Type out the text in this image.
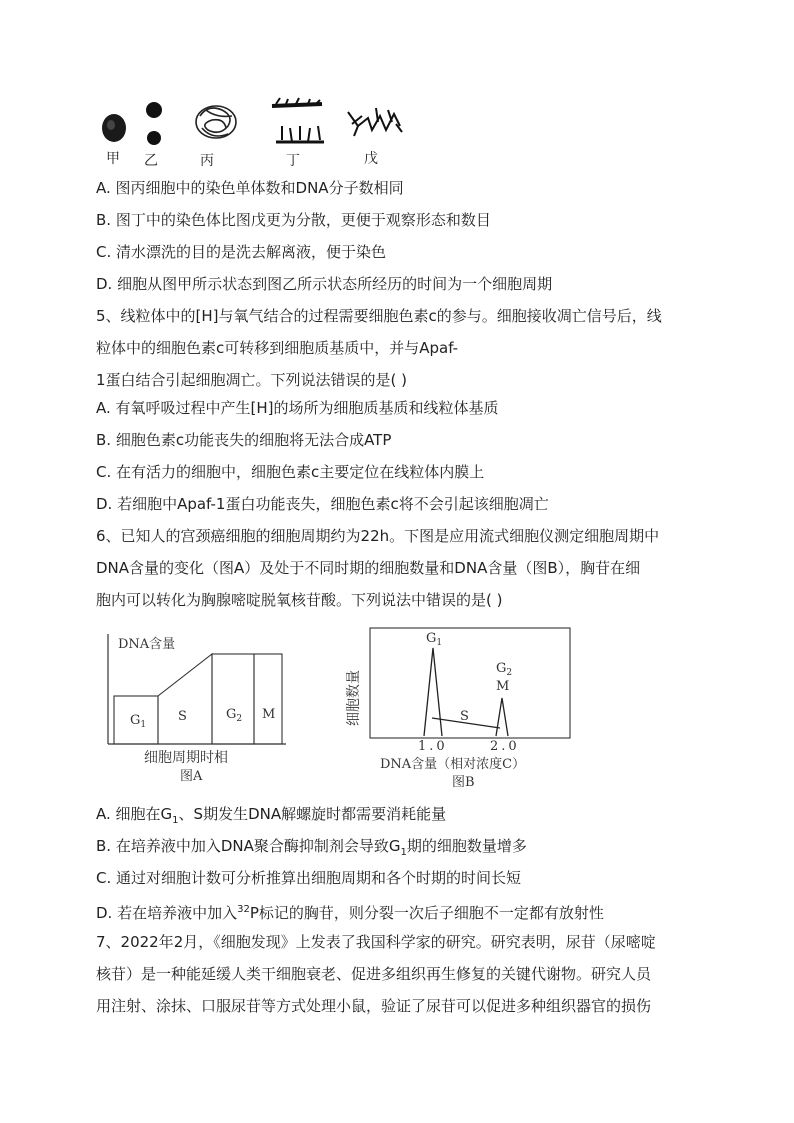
甲 乙	丙	丁	戊
A. 图丙细胞中的染色单体数和DNA分子数相同
B. 图丁中的染色体比图戊更为分散，更便于观察形态和数目
C. 清水漂洗的目的是洗去解离液，便于染色
D. 细胞从图甲所示状态到图乙所示状态所经历的时间为一个细胞周期
5、线粒体中的[H]与氧气结合的过程需要细胞色素c的参与。细胞接收凋亡信号后，线
粒体中的细胞色素c可转移到细胞质基质中，并与Apaf-
1蛋白结合引起细胞凋亡。下列说法错误的是( )
A. 有氧呼吸过程中产生[H]的场所为细胞质基质和线粒体基质
B. 细胞色素c功能丧失的细胞将无法合成ATP
C. 在有活力的细胞中，细胞色素c主要定位在线粒体内膜上
D. 若细胞中Apaf-1蛋白功能丧失，细胞色素c将不会引起该细胞凋亡
6、已知人的宫颈癌细胞的细胞周期约为22h。下图是应用流式细胞仪测定细胞周期中
DNA含量的变化（图A）及处于不同时期的细胞数量和DNA含量（图B），胸苷在细
胞内可以转化为胸腺嘧啶脱氧核苷酸。下列说法中错误的是( )
DNA含量
$G_1$
S	$G_2$ M
细胞周期时相
图A
细胞数量
$G_1$
$G_2$
M
S
1.0	2.0
DNA含量（相对浓度C）
图B
A. 细胞在$G_1$、S期发生DNA解螺旋时都需要消耗能量
B. 在培养液中加入DNA聚合酶抑制剂会导致$G_1$期的细胞数量增多
C. 通过对细胞计数可分析推算出细胞周期和各个时期的时间长短
D. 若在培养液中加入$^{32}$P标记的胸苷，则分裂一次后子细胞不一定都有放射性
7、2022年2月，《细胞发现》上发表了我国科学家的研究。研究表明，尿苷（尿嘧啶
核苷）是一种能延缓人类干细胞衰老、促进多组织再生修复的关键代谢物。研究人员
用注射、涂抹、口服尿苷等方式处理小鼠，验证了尿苷可以促进多种组织器官的损伤
